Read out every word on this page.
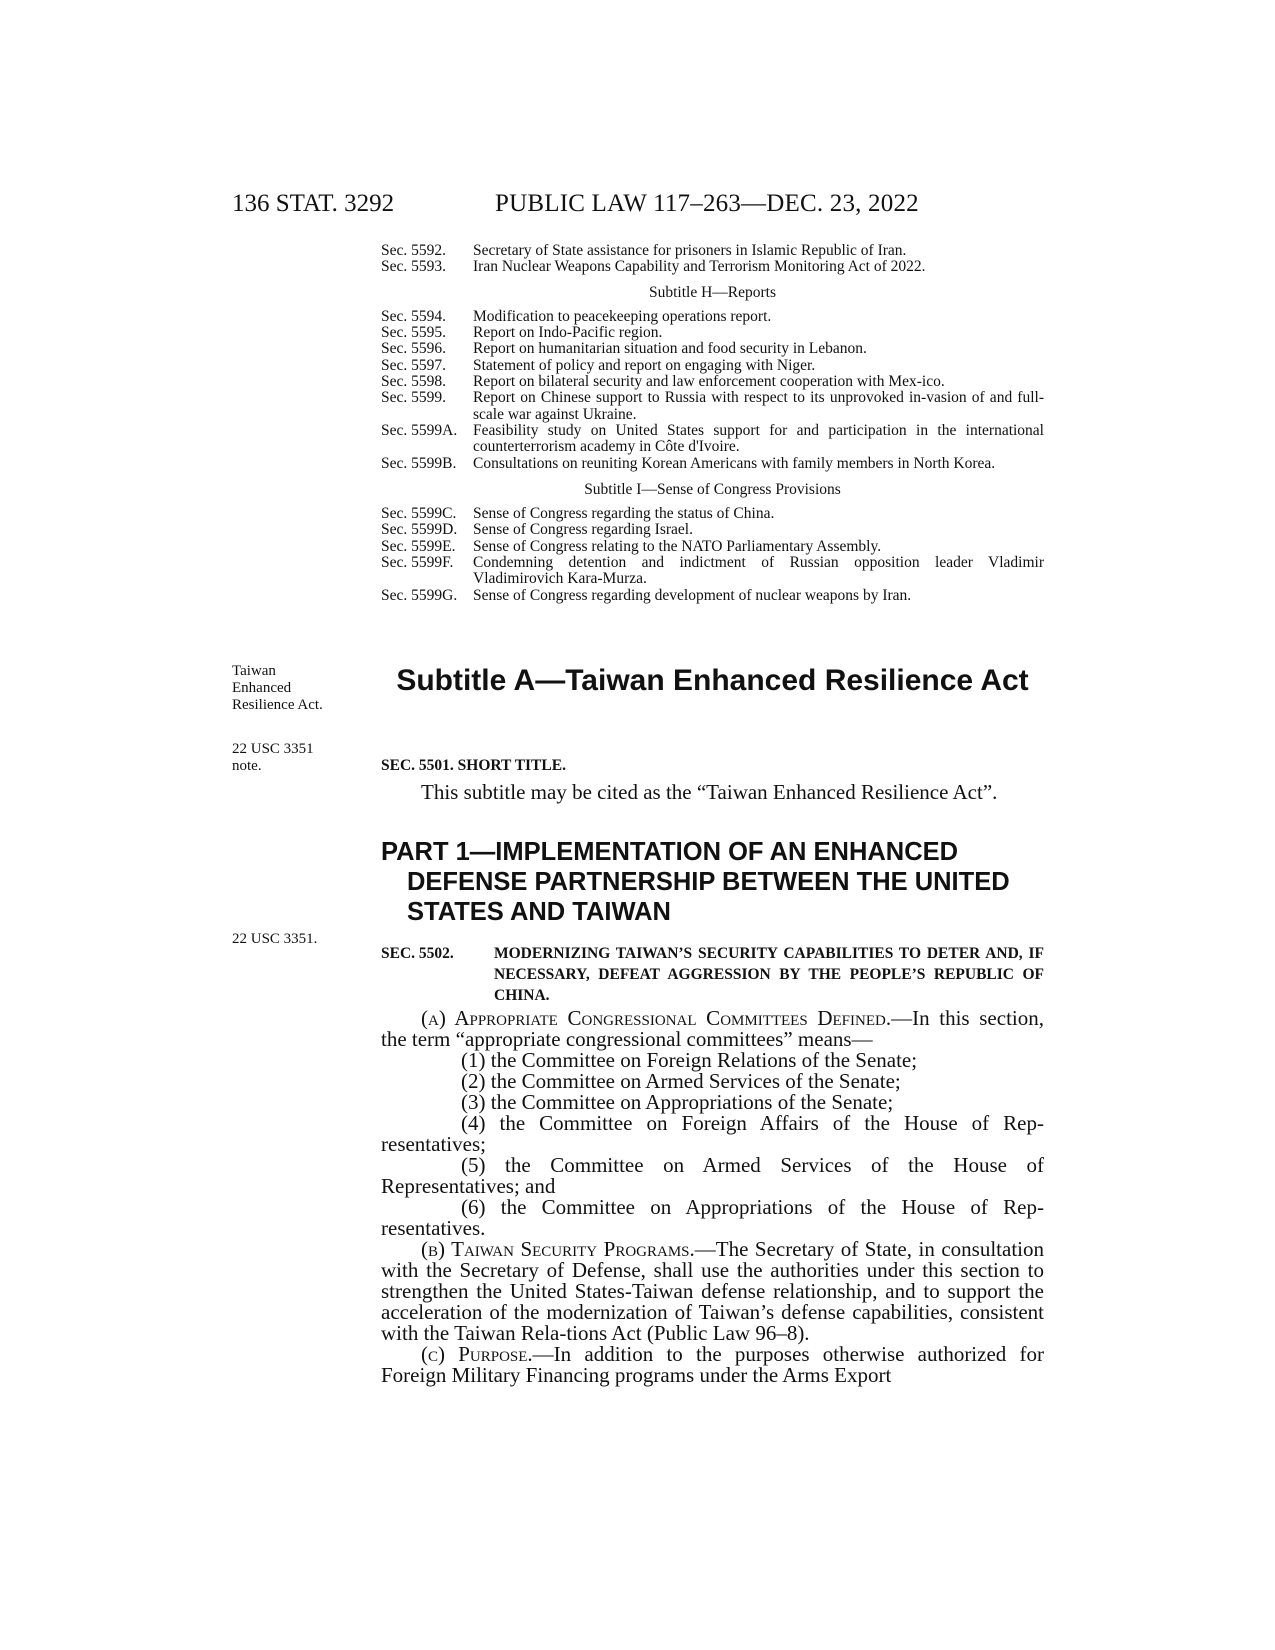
136 STAT. 3292	PUBLIC LAW 117–263—DEC. 23, 2022
Sec. 5592.	Secretary of State assistance for prisoners in Islamic Republic of Iran.
Sec. 5593.	Iran Nuclear Weapons Capability and Terrorism Monitoring Act of 2022.
Subtitle H—Reports
Sec. 5594.	Modification to peacekeeping operations report.
Sec. 5595.	Report on Indo-Pacific region.
Sec. 5596.	Report on humanitarian situation and food security in Lebanon.
Sec. 5597.	Statement of policy and report on engaging with Niger.
Sec. 5598.	Report on bilateral security and law enforcement cooperation with Mex-ico.
Sec. 5599.	Report on Chinese support to Russia with respect to its unprovoked in-vasion of and full-scale war against Ukraine.
Sec. 5599A.	Feasibility study on United States support for and participation in the international counterterrorism academy in Côte d'Ivoire.
Sec. 5599B.	Consultations on reuniting Korean Americans with family members in North Korea.
Subtitle I—Sense of Congress Provisions
Sec. 5599C.	Sense of Congress regarding the status of China.
Sec. 5599D.	Sense of Congress regarding Israel.
Sec. 5599E.	Sense of Congress relating to the NATO Parliamentary Assembly.
Sec. 5599F.	Condemning detention and indictment of Russian opposition leader Vladimir Vladimirovich Kara-Murza.
Sec. 5599G.	Sense of Congress regarding development of nuclear weapons by Iran.
Taiwan
Enhanced
Resilience Act.
22 USC 3351
note.
22 USC 3351.
Subtitle A—Taiwan Enhanced Resilience Act
SEC. 5501. SHORT TITLE.

This subtitle may be cited as the “Taiwan Enhanced Resilience Act”.

PART 1—IMPLEMENTATION OF AN ENHANCED DEFENSE PARTNERSHIP BETWEEN THE UNITED STATES AND TAIWAN
SEC. 5502.	MODERNIZING TAIWAN’S SECURITY CAPABILITIES TO DETER AND, IF NECESSARY, DEFEAT AGGRESSION BY THE PEOPLE’S REPUBLIC OF CHINA.

(a) Appropriate Congressional Committees Defined.—In this section, the term “appropriate congressional committees” means—

(1) the Committee on Foreign Relations of the Senate;

(2) the Committee on Armed Services of the Senate;

(3) the Committee on Appropriations of the Senate;

(4) the Committee on Foreign Affairs of the House of Rep-resentatives;

(5) the Committee on Armed Services of the House of Representatives; and

(6) the Committee on Appropriations of the House of Rep-resentatives.

(b) Taiwan Security Programs.—The Secretary of State, in consultation with the Secretary of Defense, shall use the authorities under this section to strengthen the United States-Taiwan defense relationship, and to support the acceleration of the modernization of Taiwan’s defense capabilities, consistent with the Taiwan Rela-tions Act (Public Law 96–8).

(c) Purpose.—In addition to the purposes otherwise authorized for Foreign Military Financing programs under the Arms Export
